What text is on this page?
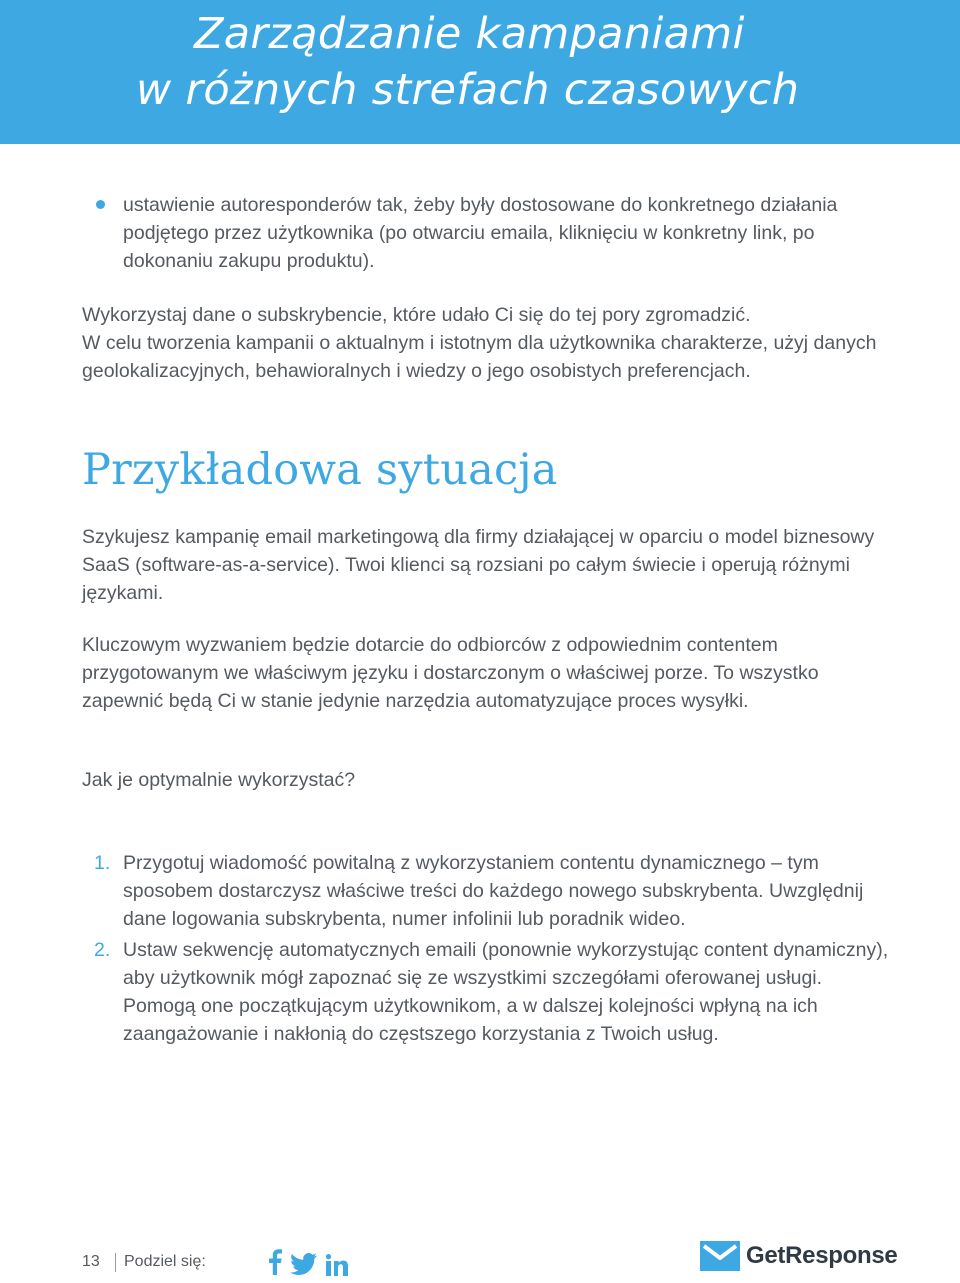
Zarządzanie kampaniami
w różnych strefach czasowych
ustawienie autoresponderów tak, żeby były dostosowane do konkretnego działania podjętego przez użytkownika (po otwarciu emaila, kliknięciu w konkretny link, po dokonaniu zakupu produktu).

Wykorzystaj dane o subskrybencie, które udało Ci się do tej pory zgromadzić.

W celu tworzenia kampanii o aktualnym i istotnym dla użytkownika charakterze, użyj danych geolokalizacyjnych, behawioralnych i wiedzy o jego osobistych preferencjach.

Przykładowa sytuacja

Szykujesz kampanię email marketingową dla firmy działającej w oparciu o model biznesowy SaaS (software-as-a-service). Twoi klienci są rozsiani po całym świecie i operują różnymi językami.

Kluczowym wyzwaniem będzie dotarcie do odbiorców z odpowiednim contentem przygotowanym we właściwym języku i dostarczonym o właściwej porze. To wszystko zapewnić będą Ci w stanie jedynie narzędzia automatyzujące proces wysyłki.

Jak je optymalnie wykorzystać?

1. Przygotuj wiadomość powitalną z wykorzystaniem contentu dynamicznego – tym sposobem dostarczysz właściwe treści do każdego nowego subskrybenta. Uwzględnij dane logowania subskrybenta, numer infolinii lub poradnik wideo.
2. Ustaw sekwencję automatycznych emaili (ponownie wykorzystując content dynamiczny), aby użytkownik mógł zapoznać się ze wszystkimi szczegółami oferowanej usługi. Pomogą one początkującym użytkownikom, a w dalszej kolejności wpłyną na ich zaangażowanie i nakłonią do częstszego korzystania z Twoich usług.
13 Podziel się:	GetResponse
